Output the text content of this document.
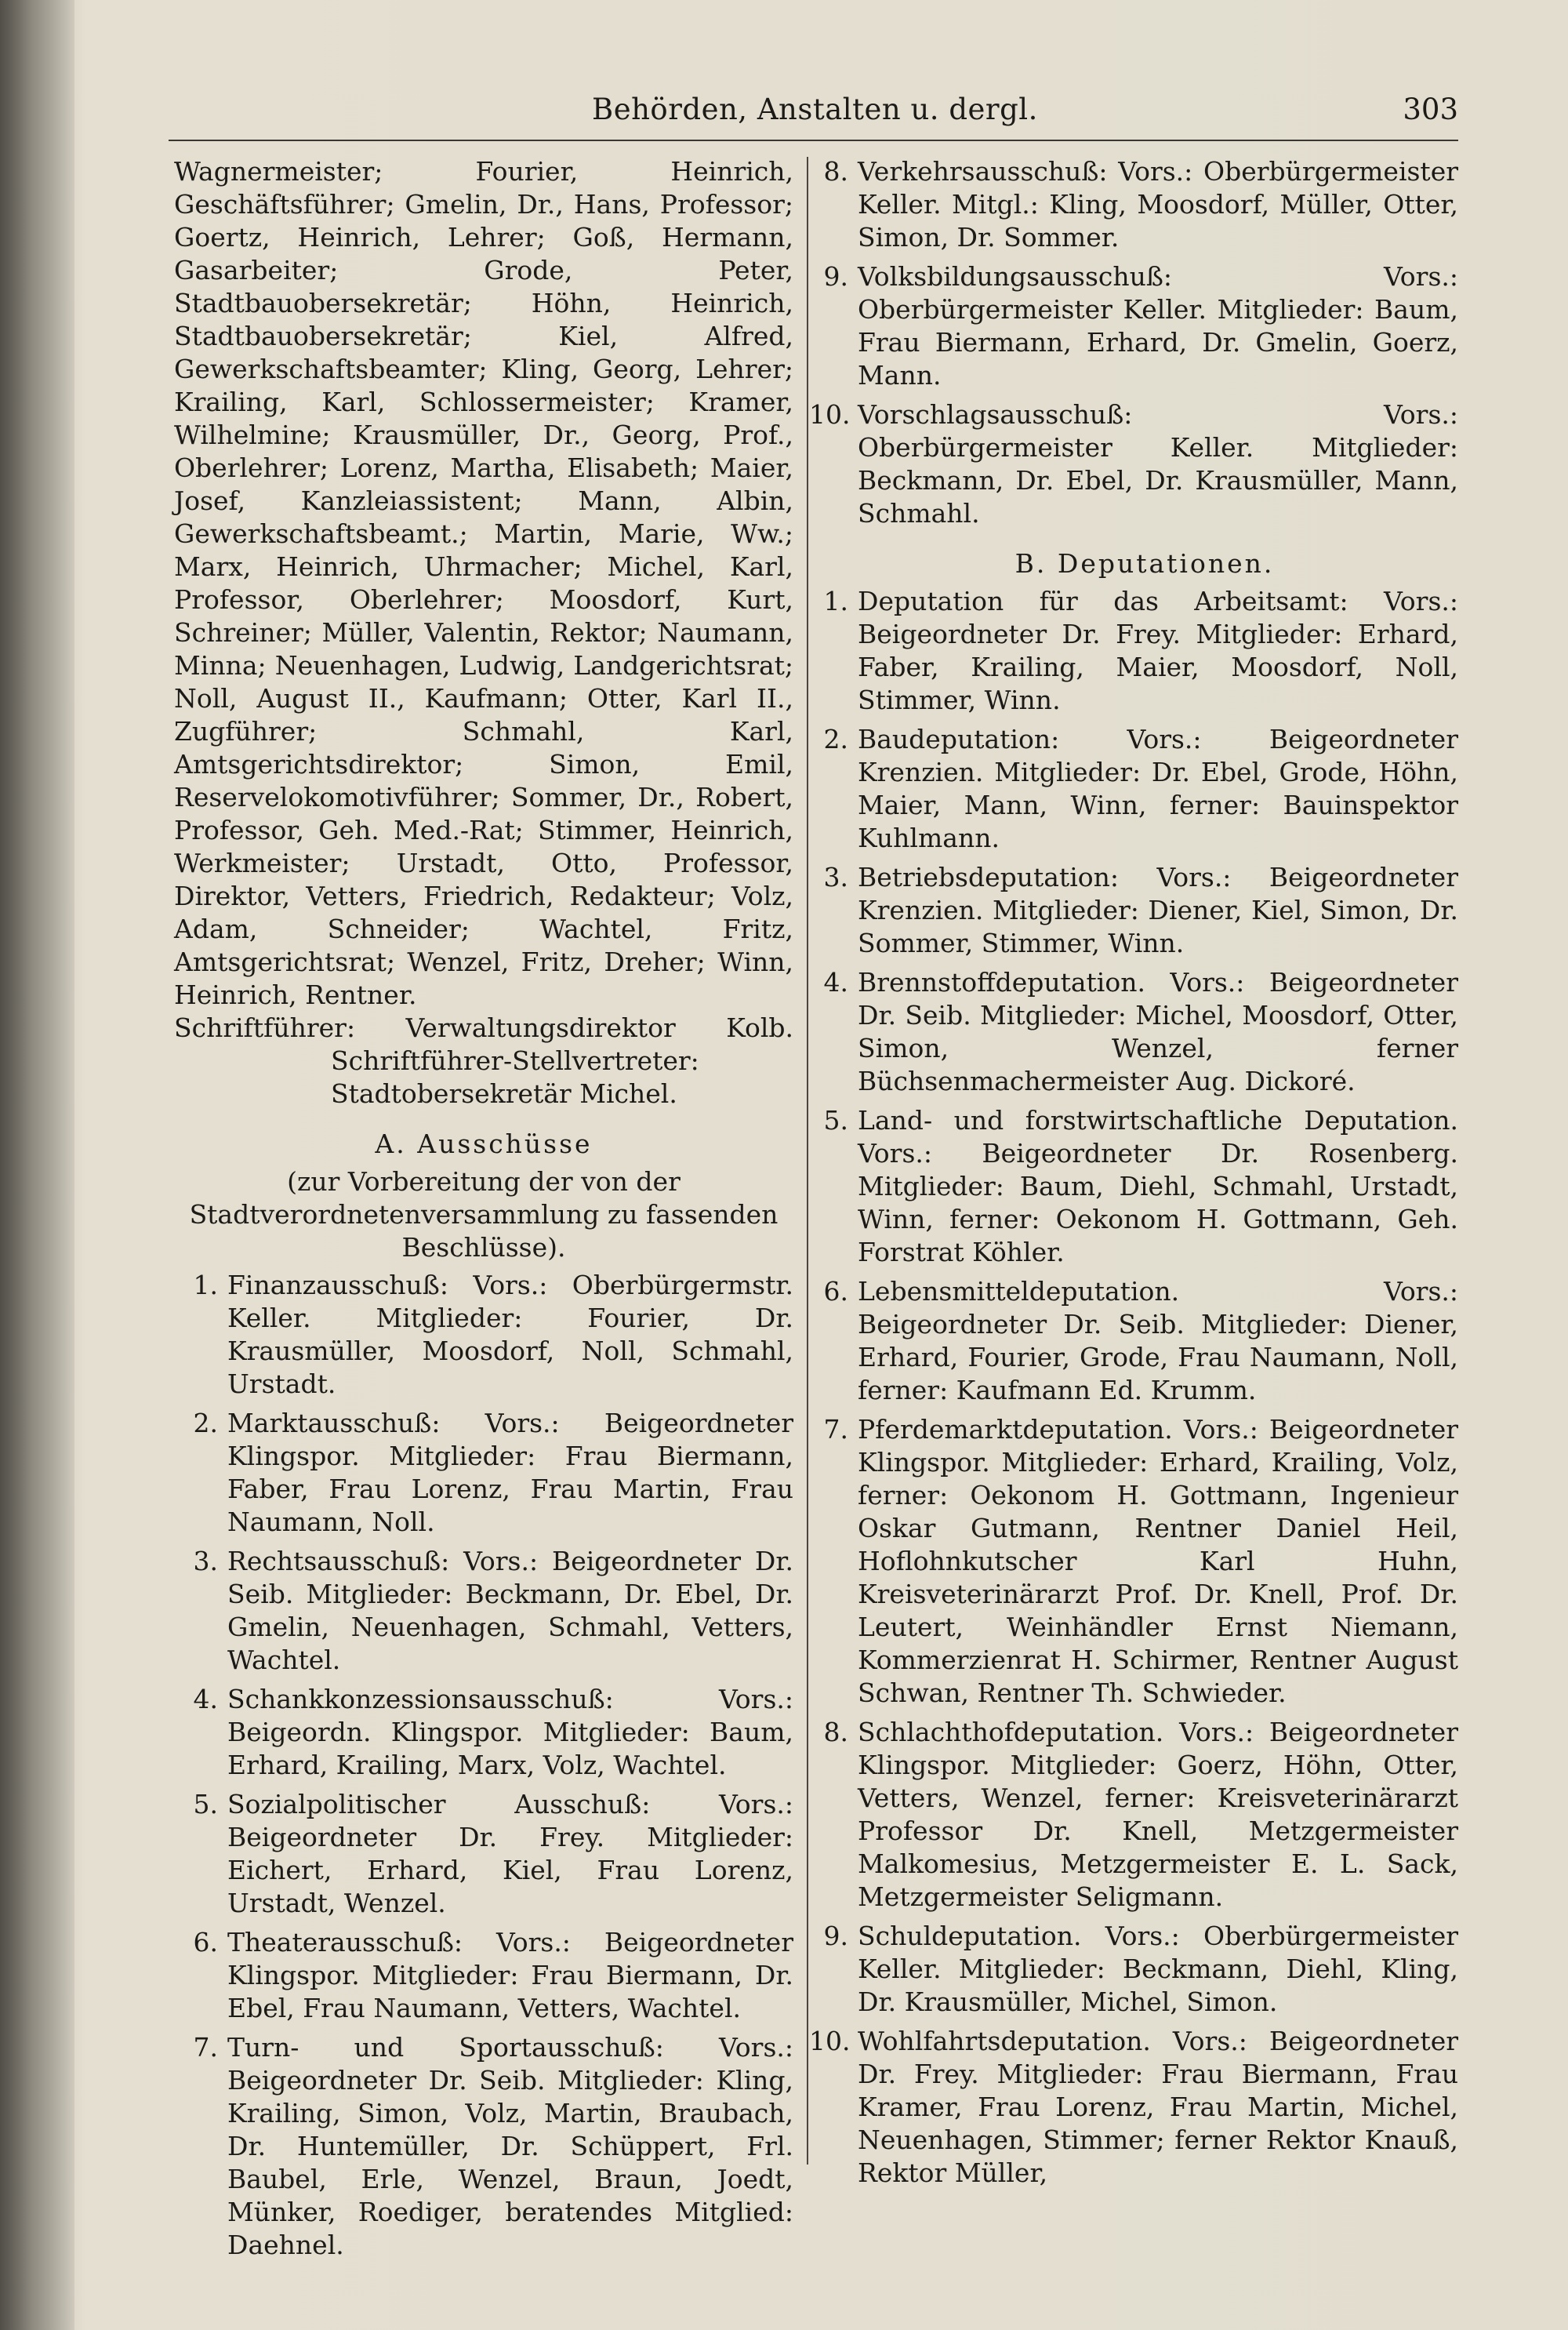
Behörden, Anstalten u. dergl.	303

Wagnermeister; Fourier, Heinrich, Geschäftsführer; Gmelin, Dr., Hans, Professor; Goertz, Heinrich, Lehrer; Goß, Hermann, Gasarbeiter; Grode, Peter, Stadtbauobersekretär; Höhn, Heinrich, Stadtbauobersekretär; Kiel, Alfred, Gewerkschaftsbeamter; Kling, Georg, Lehrer; Krailing, Karl, Schlossermeister; Kramer, Wilhelmine; Krausmüller, Dr., Georg, Prof., Oberlehrer; Lorenz, Martha, Elisabeth; Maier, Josef, Kanzleiassistent; Mann, Albin, Gewerkschaftsbeamt.; Martin, Marie, Ww.; Marx, Heinrich, Uhrmacher; Michel, Karl, Professor, Oberlehrer; Moosdorf, Kurt, Schreiner; Müller, Valentin, Rektor; Naumann, Minna; Neuenhagen, Ludwig, Landgerichtsrat; Noll, August II., Kaufmann; Otter, Karl II., Zugführer; Schmahl, Karl, Amtsgerichtsdirektor; Simon, Emil, Reservelokomotivführer; Sommer, Dr., Robert, Professor, Geh. Med.-Rat; Stimmer, Heinrich, Werkmeister; Urstadt, Otto, Professor, Direktor, Vetters, Friedrich, Redakteur; Volz, Adam, Schneider; Wachtel, Fritz, Amtsgerichtsrat; Wenzel, Fritz, Dreher; Winn, Heinrich, Rentner.

Schriftführer: Verwaltungsdirektor Kolb. Schriftführer-Stellvertreter: Stadtobersekretär Michel.

A. Ausschüsse
(zur Vorbereitung der von der Stadtverordnetenversammlung zu fassenden Beschlüsse).
1. Finanzausschuß: Vors.: Oberbürgermstr. Keller. Mitglieder: Fourier, Dr. Krausmüller, Moosdorf, Noll, Schmahl, Urstadt.
2. Marktausschuß: Vors.: Beigeordneter Klingspor. Mitglieder: Frau Biermann, Faber, Frau Lorenz, Frau Martin, Frau Naumann, Noll.
3. Rechtsausschuß: Vors.: Beigeordneter Dr. Seib. Mitglieder: Beckmann, Dr. Ebel, Dr. Gmelin, Neuenhagen, Schmahl, Vetters, Wachtel.
4. Schankkonzessionsausschuß: Vors.: Beigeordn. Klingspor. Mitglieder: Baum, Erhard, Krailing, Marx, Volz, Wachtel.
5. Sozialpolitischer Ausschuß: Vors.: Beigeordneter Dr. Frey. Mitglieder: Eichert, Erhard, Kiel, Frau Lorenz, Urstadt, Wenzel.
6. Theaterausschuß: Vors.: Beigeordneter Klingspor. Mitglieder: Frau Biermann, Dr. Ebel, Frau Naumann, Vetters, Wachtel.
7. Turn- und Sportausschuß: Vors.: Beigeordneter Dr. Seib. Mitglieder: Kling, Krailing, Simon, Volz, Martin, Braubach, Dr. Huntemüller, Dr. Schüppert, Frl. Baubel, Erle, Wenzel, Braun, Joedt, Münker, Roediger, beratendes Mitglied: Daehnel.
8. Verkehrsausschuß: Vors.: Oberbürgermeister Keller. Mitgl.: Kling, Moosdorf, Müller, Otter, Simon, Dr. Sommer.
9. Volksbildungsausschuß: Vors.: Oberbürgermeister Keller. Mitglieder: Baum, Frau Biermann, Erhard, Dr. Gmelin, Goerz, Mann.
10. Vorschlagsausschuß: Vors.: Oberbürgermeister Keller. Mitglieder: Beckmann, Dr. Ebel, Dr. Krausmüller, Mann, Schmahl.
B. Deputationen.
1. Deputation für das Arbeitsamt: Vors.: Beigeordneter Dr. Frey. Mitglieder: Erhard, Faber, Krailing, Maier, Moosdorf, Noll, Stimmer, Winn.
2. Baudeputation: Vors.: Beigeordneter Krenzien. Mitglieder: Dr. Ebel, Grode, Höhn, Maier, Mann, Winn, ferner: Bauinspektor Kuhlmann.
3. Betriebsdeputation: Vors.: Beigeordneter Krenzien. Mitglieder: Diener, Kiel, Simon, Dr. Sommer, Stimmer, Winn.
4. Brennstoffdeputation. Vors.: Beigeordneter Dr. Seib. Mitglieder: Michel, Moosdorf, Otter, Simon, Wenzel, ferner Büchsenmachermeister Aug. Dickoré.
5. Land- und forstwirtschaftliche Deputation. Vors.: Beigeordneter Dr. Rosenberg. Mitglieder: Baum, Diehl, Schmahl, Urstadt, Winn, ferner: Oekonom H. Gottmann, Geh. Forstrat Köhler.
6. Lebensmitteldeputation. Vors.: Beigeordneter Dr. Seib. Mitglieder: Diener, Erhard, Fourier, Grode, Frau Naumann, Noll, ferner: Kaufmann Ed. Krumm.
7. Pferdemarktdeputation. Vors.: Beigeordneter Klingspor. Mitglieder: Erhard, Krailing, Volz, ferner: Oekonom H. Gottmann, Ingenieur Oskar Gutmann, Rentner Daniel Heil, Hoflohnkutscher Karl Huhn, Kreisveterinärarzt Prof. Dr. Knell, Prof. Dr. Leutert, Weinhändler Ernst Niemann, Kommerzienrat H. Schirmer, Rentner August Schwan, Rentner Th. Schwieder.
8. Schlachthofdeputation. Vors.: Beigeordneter Klingspor. Mitglieder: Goerz, Höhn, Otter, Vetters, Wenzel, ferner: Kreisveterinärarzt Professor Dr. Knell, Metzgermeister Malkomesius, Metzgermeister E. L. Sack, Metzgermeister Seligmann.
9. Schuldeputation. Vors.: Oberbürgermeister Keller. Mitglieder: Beckmann, Diehl, Kling, Dr. Krausmüller, Michel, Simon.
10. Wohlfahrtsdeputation. Vors.: Beigeordneter Dr. Frey. Mitglieder: Frau Biermann, Frau Kramer, Frau Lorenz, Frau Martin, Michel, Neuenhagen, Stimmer; ferner Rektor Knauß, Rektor Müller,
